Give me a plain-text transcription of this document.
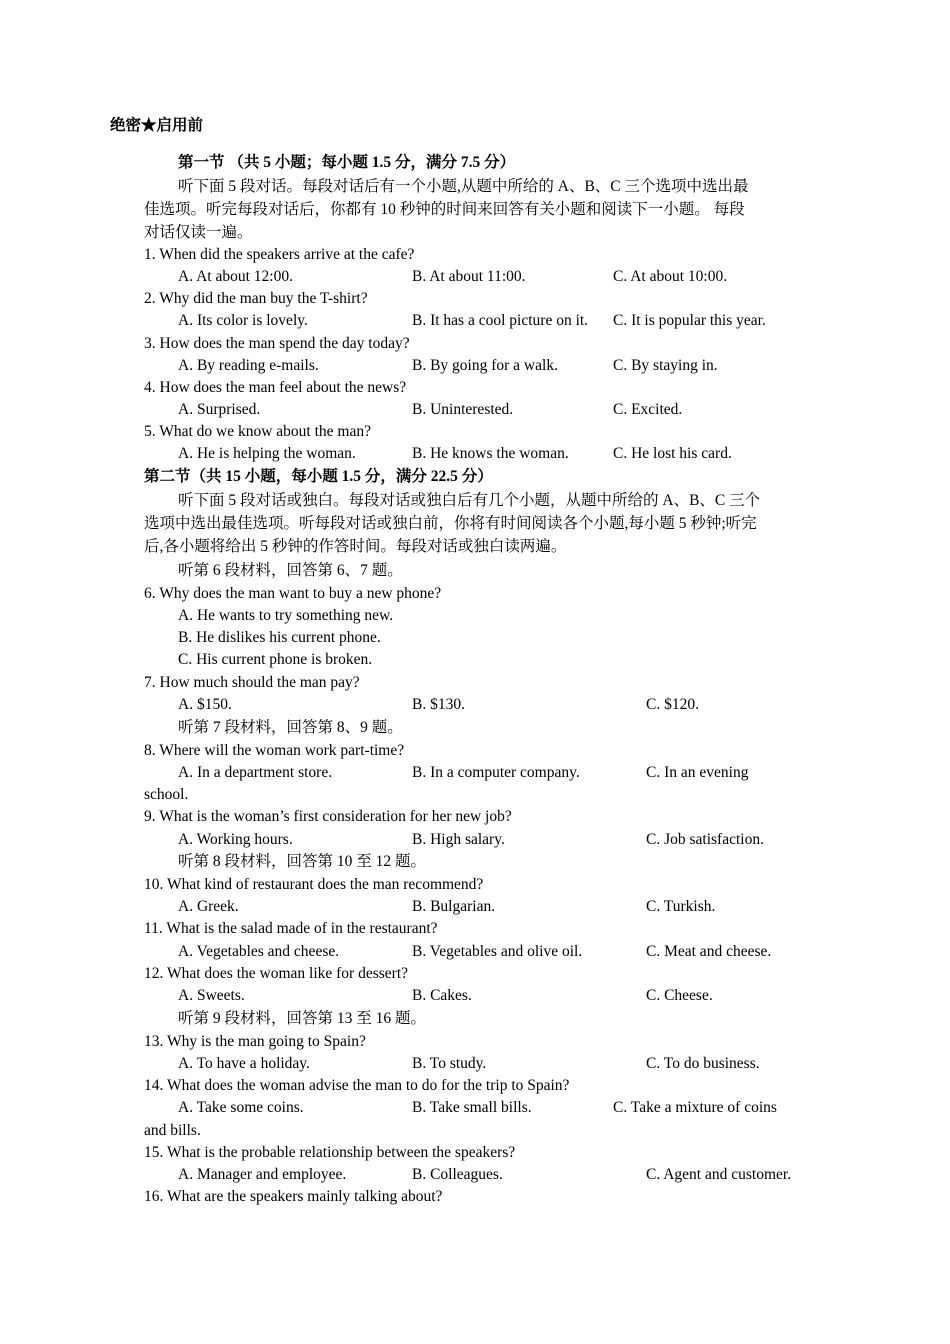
绝密★启用前
第一节 （共 5 小题；每小题 1.5 分，满分 7.5 分）
听下面 5 段对话。每段对话后有一个小题,从题中所给的 A、B、C 三个选项中选出最
佳选项。听完每段对话后，你都有 10 秒钟的时间来回答有关小题和阅读下一小题。 每段
对话仅读一遍。
1. When did the speakers arrive at the cafe?
A. At about 12:00.	B. At about 11:00.	C. At about 10:00.
2. Why did the man buy the T-shirt?
A. Its color is lovely.	B. It has a cool picture on it. C. It is popular this year.
3. How does the man spend the day today?
A. By reading e-mails.	B. By going for a walk.	C. By staying in.
4. How does the man feel about the news?
A. Surprised.	B. Uninterested.	C. Excited.
5. What do we know about the man?
A. He is helping the woman.	B. He knows the woman.	C. He lost his card.
第二节（共 15 小题，每小题 1.5 分，满分 22.5 分）
听下面 5 段对话或独白。每段对话或独白后有几个小题，从题中所给的 A、B、C 三个
选项中选出最佳选项。听每段对话或独白前，你将有时间阅读各个小题,每小题 5 秒钟;听完
后,各小题将给出 5 秒钟的作答时间。每段对话或独白读两遍。
听第 6 段材料，回答第 6、7 题。
6. Why does the man want to buy a new phone?
A. He wants to try something new.
B. He dislikes his current phone.
C. His current phone is broken.
7. How much should the man pay?
A. $150.	B. $130.	C. $120.
听第 7 段材料，回答第 8、9 题。
8. Where will the woman work part-time?
A. In a department store.	B. In a computer company.	C. In an evening
school.
9. What is the woman’s first consideration for her new job?
A. Working hours.	B. High salary.	C. Job satisfaction.
听第 8 段材料，回答第 10 至 12 题。
10. What kind of restaurant does the man recommend?
A. Greek.	B. Bulgarian.	C. Turkish.
11. What is the salad made of in the restaurant?
A. Vegetables and cheese.	B. Vegetables and olive oil.	C. Meat and cheese.
12. What does the woman like for dessert?
A. Sweets.	B. Cakes.	C. Cheese.
听第 9 段材料，回答第 13 至 16 题。
13. Why is the man going to Spain?
A. To have a holiday.	B. To study.	C. To do business.
14. What does the woman advise the man to do for the trip to Spain?
A. Take some coins.	B. Take small bills.	C. Take a mixture of coins
and bills.
15. What is the probable relationship between the speakers?
A. Manager and employee.	B. Colleagues.	C. Agent and customer.
16. What are the speakers mainly talking about?
